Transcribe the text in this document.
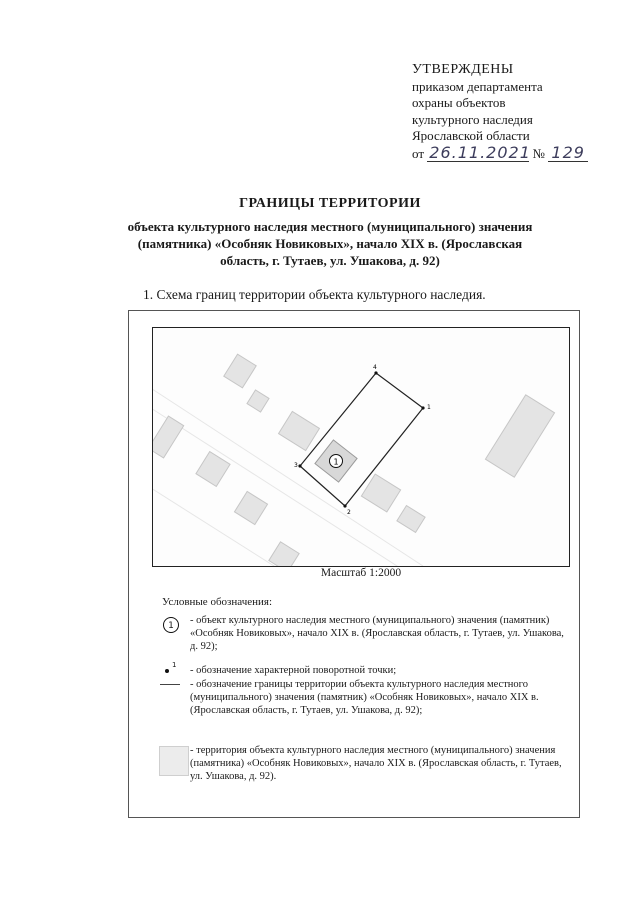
УТВЕРЖДЕНЫ
приказом департамента
охраны объектов
культурного наследия
Ярославской области
от 26.11.2021 № 129
ГРАНИЦЫ ТЕРРИТОРИИ
объекта культурного наследия местного (муниципального) значения
(памятника) «Особняк Новиковых», начало XIX в. (Ярославская
область, г. Тутаев, ул. Ушакова, д. 92)
1. Схема границ территории объекта культурного наследия.
1
1
2
3
4
Масштаб 1:2000
Условные обозначения:
1	- объект культурного наследия местного (муниципального) значения (памятник) «Особняк Новиковых», начало XIX в. (Ярославская область, г. Тутаев, ул. Ушакова, д. 92);
1 - обозначение характерной поворотной точки;
- обозначение границы территории объекта культурного наследия местного (муниципального) значения (памятник) «Особняк Новиковых», начало XIX в. (Ярославская область, г. Тутаев, ул. Ушакова, д. 92);
- территория объекта культурного наследия местного (муниципального) значения (памятника) «Особняк Новиковых», начало XIX в. (Ярославская область, г. Тутаев, ул. Ушакова, д. 92).
